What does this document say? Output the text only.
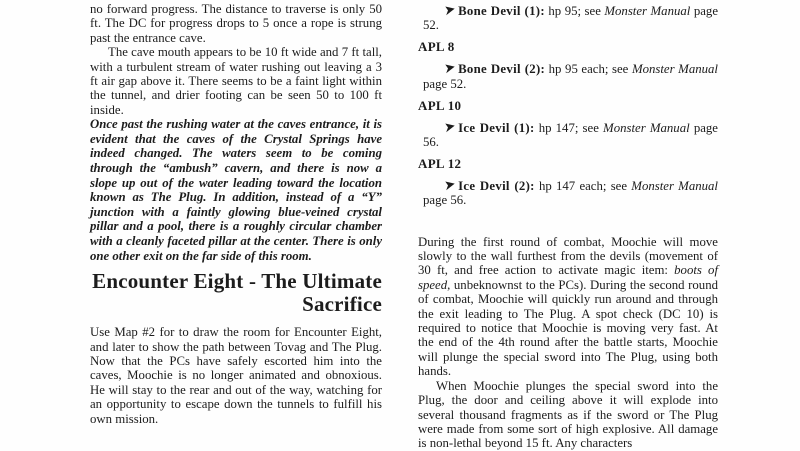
no forward progress. The distance to traverse is only 50 ft. The DC for progress drops to 5 once a rope is strung past the entrance cave.

The cave mouth appears to be 10 ft wide and 7 ft tall, with a turbulent stream of water rushing out leaving a 3 ft air gap above it. There seems to be a faint light within the tunnel, and drier footing can be seen 50 to 100 ft inside.

Once past the rushing water at the caves entrance, it is evident that the caves of the Crystal Springs have indeed changed. The waters seem to be coming through the “ambush” cavern, and there is now a slope up out of the water leading toward the location known as The Plug. In addition, instead of a “Y” junction with a faintly glowing blue-veined crystal pillar and a pool, there is a roughly circular chamber with a cleanly faceted pillar at the center. There is only one other exit on the far side of this room.

Encounter Eight - The Ultimate Sacrifice

Use Map #2 for to draw the room for Encounter Eight, and later to show the path between Tovag and The Plug. Now that the PCs have safely escorted him into the caves, Moochie is no longer animated and obnoxious. He will stay to the rear and out of the way, watching for an opportunity to escape down the tunnels to fulfill his own mission.

➤ Bone Devil (1): hp 95; see Monster Manual page 52.

APL 8

➤ Bone Devil (2): hp 95 each; see Monster Manual page 52.

APL 10

➤ Ice Devil (1): hp 147; see Monster Manual page 56.

APL 12

➤ Ice Devil (2): hp 147 each; see Monster Manual page 56.

During the first round of combat, Moochie will move slowly to the wall furthest from the devils (movement of 30 ft, and free action to activate magic item: boots of speed, unbeknownst to the PCs). During the second round of combat, Moochie will quickly run around and through the exit leading to The Plug. A spot check (DC 10) is required to notice that Moochie is moving very fast. At the end of the 4th round after the battle starts, Moochie will plunge the special sword into The Plug, using both hands.

When Moochie plunges the special sword into the Plug, the door and ceiling above it will explode into several thousand fragments as if the sword or The Plug were made from some sort of high explosive. All damage is non-lethal beyond 15 ft. Any characters
